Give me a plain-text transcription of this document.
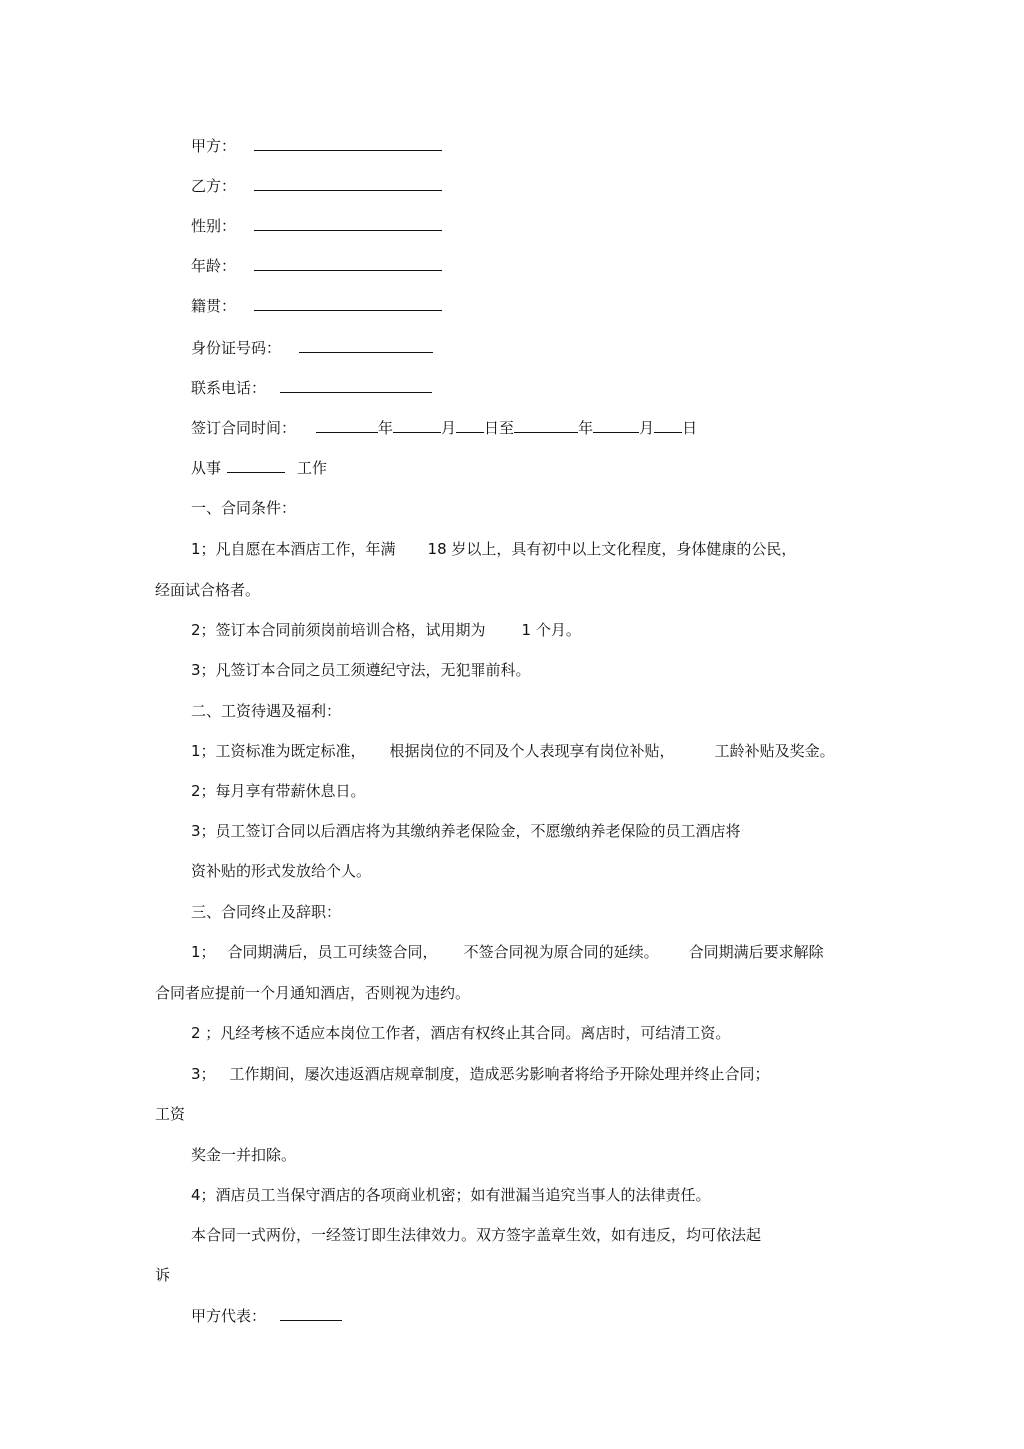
甲方：
乙方：
性别：
年龄：
籍贯：
身份证号码：
联系电话：
签订合同时间：	年	月 日至	年	月 日
从事	工作
一、合同条件：
1；凡自愿在本酒店工作，年满 18 岁以上，具有初中以上文化程度，身体健康的公民，
经面试合格者。
2；签订本合同前须岗前培训合格，试用期为 1 个月。
3；凡签订本合同之员工须遵纪守法，无犯罪前科。
二、工资待遇及福利：
1；工资标准为既定标准， 根据岗位的不同及个人表现享有岗位补贴，	工龄补贴及奖金。
2；每月享有带薪休息日。
3；员工签订合同以后酒店将为其缴纳养老保险金，不愿缴纳养老保险的员工酒店将
资补贴的形式发放给个人。
三、合同终止及辞职：
1； 合同期满后，员工可续签合同， 不签合同视为原合同的延续。 合同期满后要求解除
合同者应提前一个月通知酒店，否则视为违约。
2 ；凡经考核不适应本岗位工作者，酒店有权终止其合同。离店时，可结清工资。
3； 工作期间，屡次违返酒店规章制度，造成恶劣影响者将给予开除处理并终止合同；
工资
奖金一并扣除。
4；酒店员工当保守酒店的各项商业机密；如有泄漏当追究当事人的法律责任。
本合同一式两份，一经签订即生法律效力。双方签字盖章生效，如有违反，均可依法起
诉
甲方代表：
